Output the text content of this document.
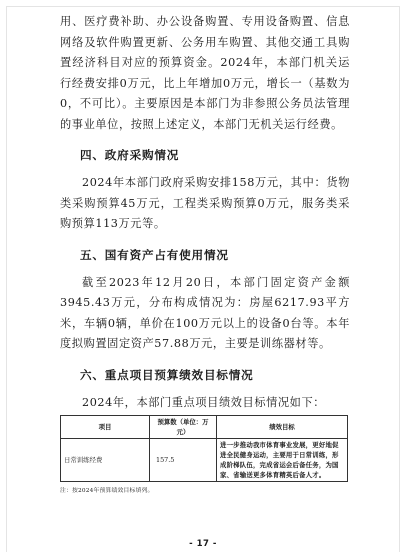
用、医疗费补助、办公设备购置、专用设备购置、信息网络及软件购置更新、公务用车购置、其他交通工具购置经济科目对应的预算资金。2024年，本部门机关运行经费安排0万元，比上年增加0万元，增长一（基数为0，不可比）。主要原因是本部门为非参照公务员法管理的事业单位，按照上述定义，本部门无机关运行经费。

四、政府采购情况

2024年本部门政府采购安排158万元，其中：货物类采购预算45万元，工程类采购预算0万元，服务类采购预算113万元等。

五、国有资产占有使用情况

截至2023年12月20日，本部门固定资产金额3945.43万元，分布构成情况为：房屋6217.93平方米，车辆0辆，单价在100万元以上的设备0台等。本年度拟购置固定资产57.88万元，主要是训练器材等。

六、重点项目预算绩效目标情况

2024年，本部门重点项目绩效目标情况如下：

项目	预算数（单位：万元）	绩效目标
日常训练经费	157.5	进一步推动我市体育事业发展，更好地促进全民健身运动，主要用于日常训练，形成阶梯队伍，完成省运会后备任务，为国家、省输送更多体育精英后备人才。
注：按2024年预算绩效目标填列。
- 17 -
